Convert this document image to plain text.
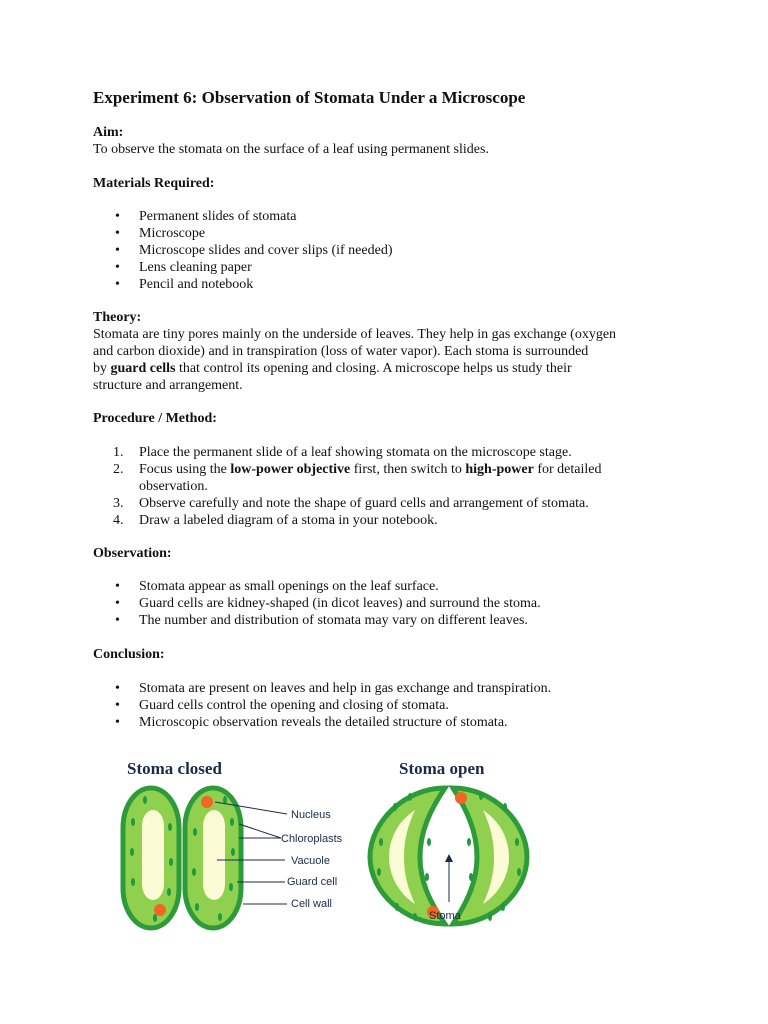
Experiment 6: Observation of Stomata Under a Microscope
Aim:
To observe the stomata on the surface of a leaf using permanent slides.
Materials Required:
• Permanent slides of stomata
• Microscope
• Microscope slides and cover slips (if needed)
• Lens cleaning paper
• Pencil and notebook
Theory:
Stomata are tiny pores mainly on the underside of leaves. They help in gas exchange (oxygen
and carbon dioxide) and in transpiration (loss of water vapor). Each stoma is surrounded
by guard cells that control its opening and closing. A microscope helps us study their
structure and arrangement.
Procedure / Method:
1. Place the permanent slide of a leaf showing stomata on the microscope stage.
2. Focus using the low-power objective first, then switch to high-power for detailed
observation.
3. Observe carefully and note the shape of guard cells and arrangement of stomata.
4. Draw a labeled diagram of a stoma in your notebook.
Observation:
• Stomata appear as small openings on the leaf surface.
• Guard cells are kidney-shaped (in dicot leaves) and surround the stoma.
• The number and distribution of stomata may vary on different leaves.
Conclusion:
• Stomata are present on leaves and help in gas exchange and transpiration.
• Guard cells control the opening and closing of stomata.
• Microscopic observation reveals the detailed structure of stomata.
Stoma closed	Stoma open
Nucleus
Chloroplasts
Vacuole
Guard cell
Cell wall
Stoma
